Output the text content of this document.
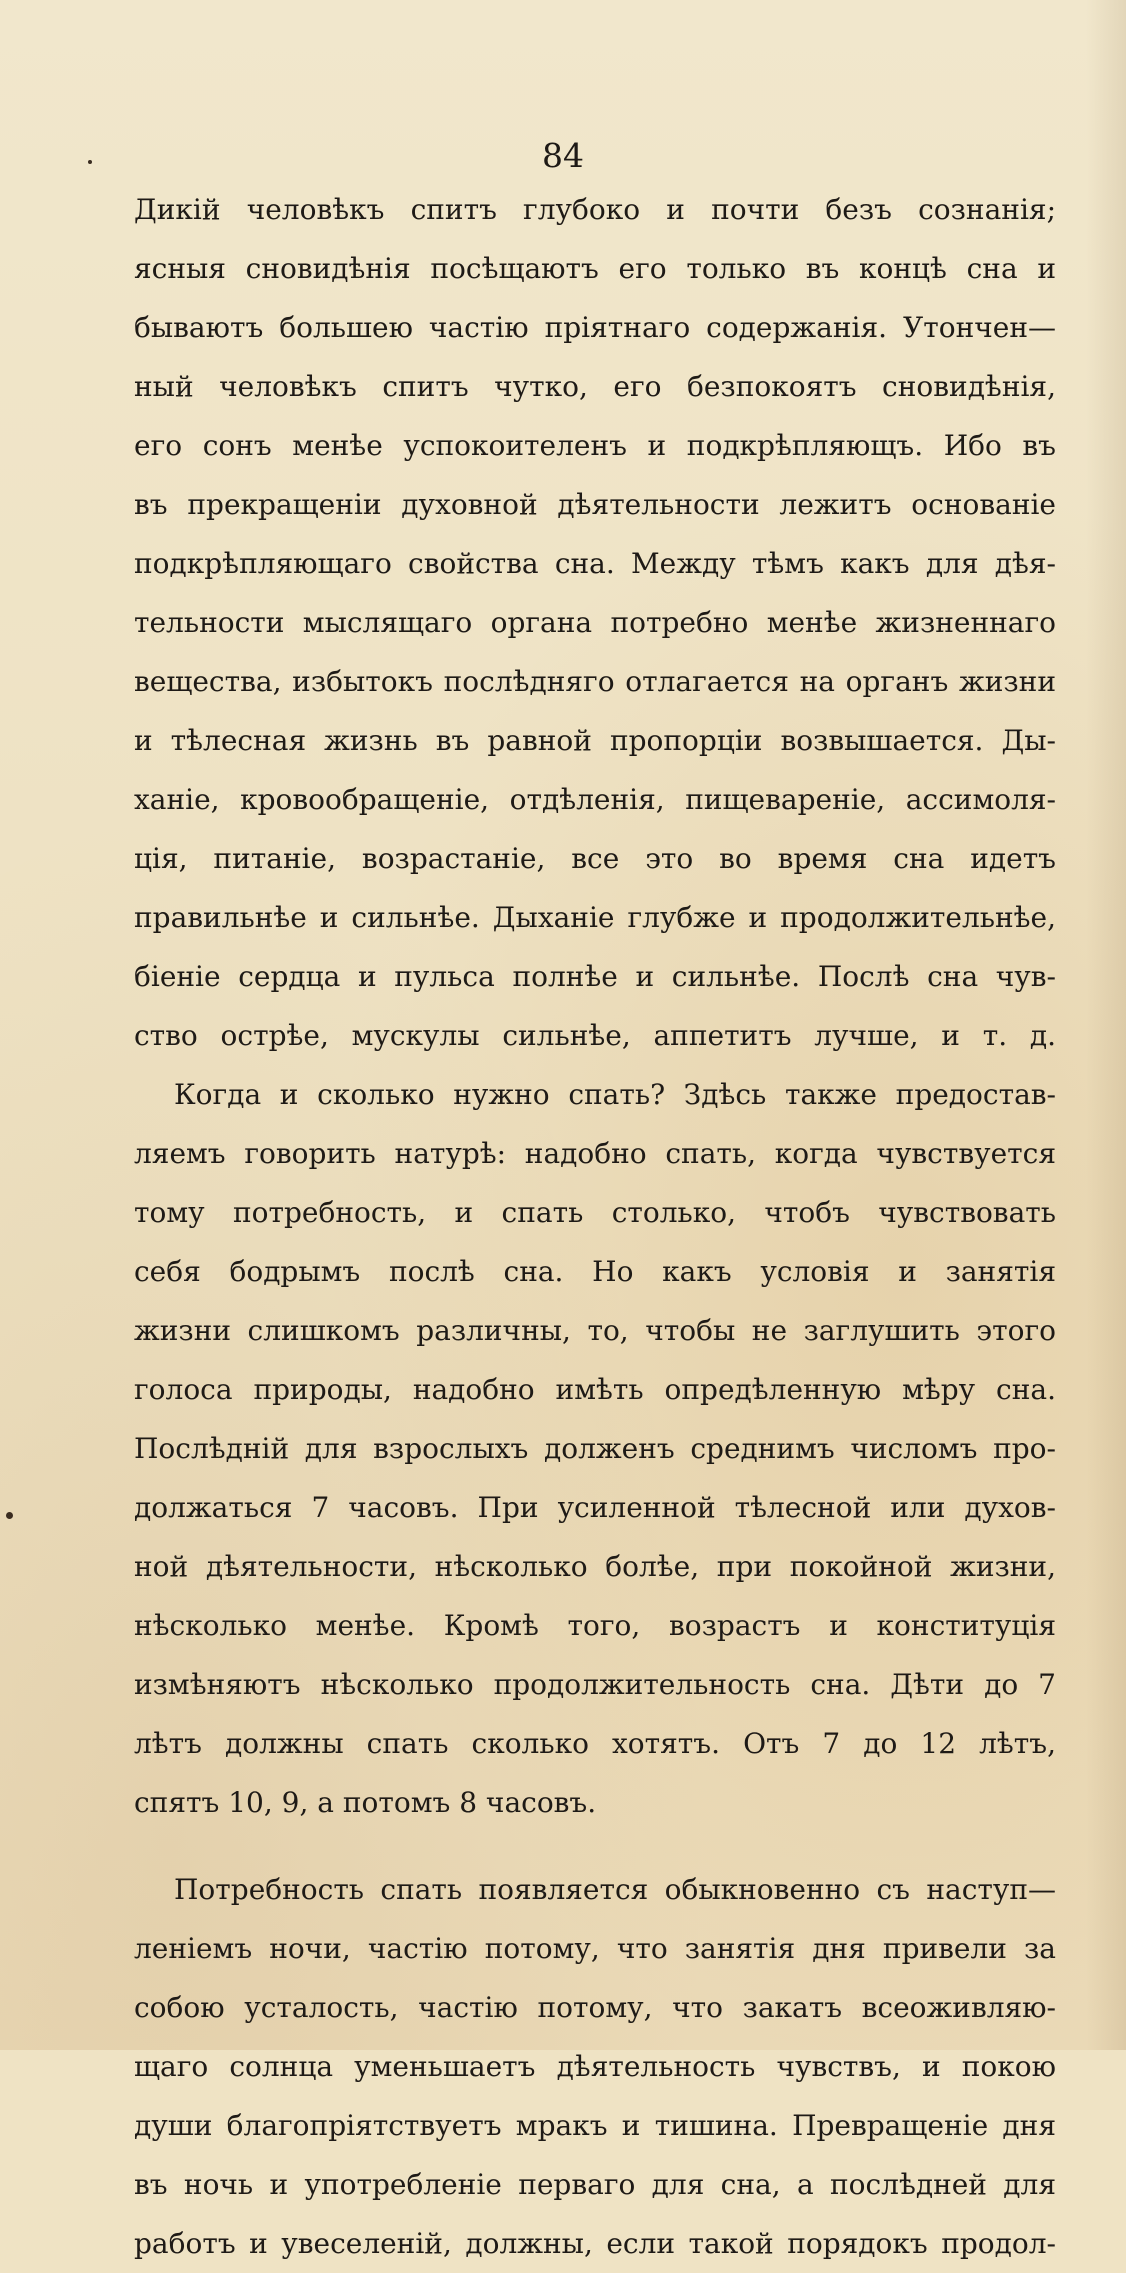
84

Дикій человѣкъ спитъ глубоко и почти безъ сознанія;
ясныя сновидѣнія посѣщаютъ его только въ концѣ сна и
бываютъ большею частію пріятнаго содержанія. Утончен—
ный человѣкъ спитъ чутко, его безпокоятъ сновидѣнія,
его сонъ менѣе успокоителенъ и подкрѣпляющъ. Ибо въ
въ прекращеніи духовной дѣятельности лежитъ основаніе
подкрѣпляющаго свойства сна. Между тѣмъ какъ для дѣя-
тельности мыслящаго органа потребно менѣе жизненнаго
вещества, избытокъ послѣдняго отлагается на органъ жизни
и тѣлесная жизнь въ равной пропорціи возвышается. Ды-
ханіе, кровообращеніе, отдѣленія, пищевареніе, ассимоля-
ція, питаніе, возрастаніе, все это во время сна идетъ
правильнѣе и сильнѣе. Дыханіе глубже и продолжительнѣе,
біеніе сердца и пульса полнѣе и сильнѣе. Послѣ сна чув-
ство острѣе, мускулы сильнѣе, аппетитъ лучше, и т. д.
Когда и сколько нужно спать? Здѣсь также предостав-
ляемъ говорить натурѣ: надобно спать, когда чувствуется
тому потребность, и спать столько, чтобъ чувствовать
себя бодрымъ послѣ сна. Но какъ условія и занятія
жизни слишкомъ различны, то, чтобы не заглушить этого
голоса природы, надобно имѣть опредѣленную мѣру сна.
Послѣдній для взрослыхъ долженъ среднимъ числомъ про-
должаться 7 часовъ. При усиленной тѣлесной или духов-
ной дѣятельности, нѣсколько болѣе, при покойной жизни,
нѣсколько менѣе. Кромѣ того, возрастъ и конституція
измѣняютъ нѣсколько продолжительность сна. Дѣти до 7
лѣтъ должны спать сколько хотятъ. Отъ 7 до 12 лѣтъ,
спятъ 10, 9, а потомъ 8 часовъ.
Потребность спать появляется обыкновенно съ наступ—
леніемъ ночи, частію потому, что занятія дня привели за
собою усталость, частію потому, что закатъ всеоживляю-
щаго солнца уменьшаетъ дѣятельность чувствъ, и покою
души благопріятствуетъ мракъ и тишина. Превращеніе дня
въ ночь и употребленіе перваго для сна, а послѣдней для
работъ и увеселеній, должны, если такой порядокъ продол-
